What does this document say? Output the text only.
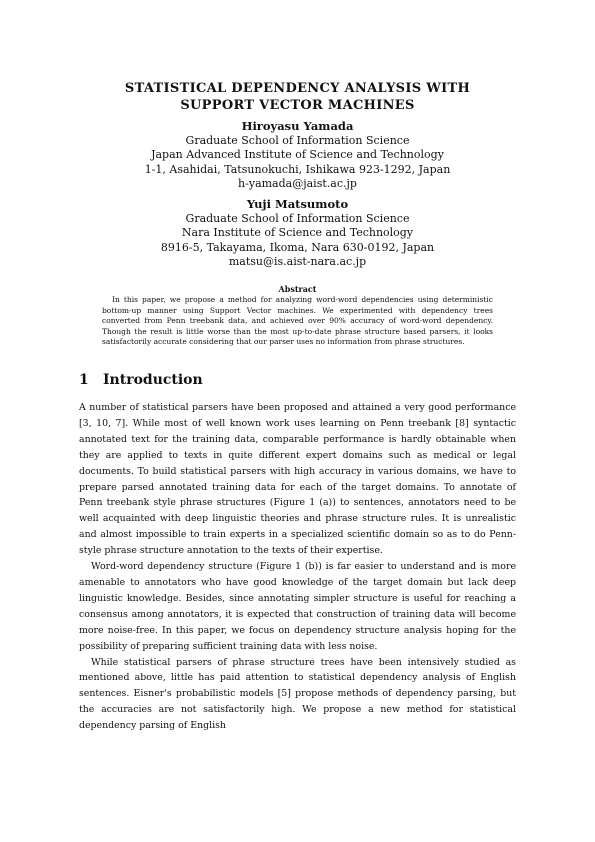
STATISTICAL DEPENDENCY ANALYSIS WITH
SUPPORT VECTOR MACHINES
Hiroyasu Yamada
Graduate School of Information Science
Japan Advanced Institute of Science and Technology
1-1, Asahidai, Tatsunokuchi, Ishikawa 923-1292, Japan
h-yamada@jaist.ac.jp
Yuji Matsumoto
Graduate School of Information Science
Nara Institute of Science and Technology
8916-5, Takayama, Ikoma, Nara 630-0192, Japan
matsu@is.aist-nara.ac.jp
Abstract
In this paper, we propose a method for analyzing word-word dependencies using deterministic bottom-up manner using Support Vector machines. We experimented with dependency trees converted from Penn treebank data, and achieved over 90% accuracy of word-word dependency. Though the result is little worse than the most up-to-date phrase structure based parsers, it looks satisfactorily accurate considering that our parser uses no information from phrase structures.
1 Introduction

A number of statistical parsers have been proposed and attained a very good performance [3, 10, 7]. While most of well known work uses learning on Penn treebank [8] syntactic annotated text for the training data, comparable performance is hardly obtainable when they are applied to texts in quite different expert domains such as medical or legal documents. To build statistical parsers with high accuracy in various domains, we have to prepare parsed annotated training data for each of the target domains. To annotate of Penn treebank style phrase structures (Figure 1 (a)) to sentences, annotators need to be well acquainted with deep linguistic theories and phrase structure rules. It is unrealistic and almost impossible to train experts in a specialized scientific domain so as to do Penn-style phrase structure annotation to the texts of their expertise.

Word-word dependency structure (Figure 1 (b)) is far easier to understand and is more amenable to annotators who have good knowledge of the target domain but lack deep linguistic knowledge. Besides, since annotating simpler structure is useful for reaching a consensus among annotators, it is expected that construction of training data will become more noise-free. In this paper, we focus on dependency structure analysis hoping for the possibility of preparing sufficient training data with less noise.

While statistical parsers of phrase structure trees have been intensively studied as mentioned above, little has paid attention to statistical dependency analysis of English sentences. Eisner's probabilistic models [5] propose methods of dependency parsing, but the accuracies are not satisfactorily high. We propose a new method for statistical dependency parsing of English
